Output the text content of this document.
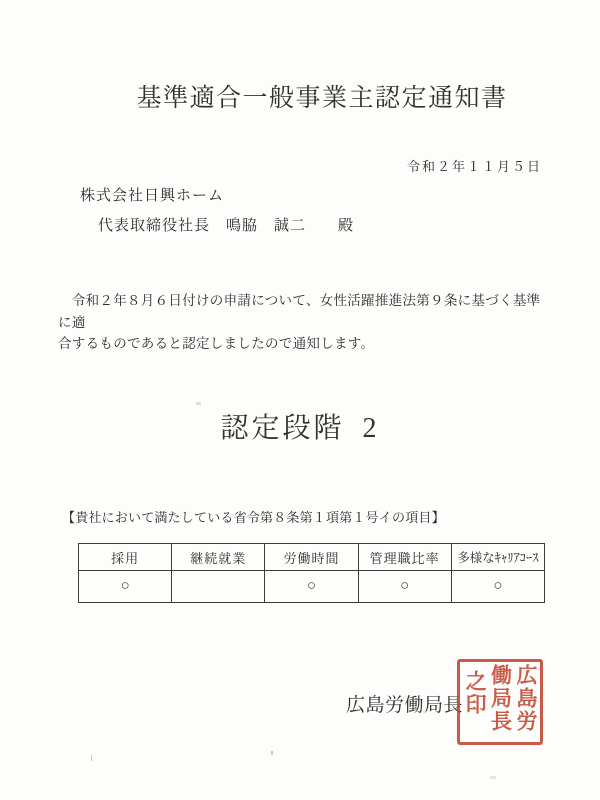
基準適合一般事業主認定通知書
令和２年１１月５日
株式会社日興ホーム
代表取締役社長　鳴脇　誠二　　殿
　令和２年８月６日付けの申請について、女性活躍推進法第９条に基づく基準に適
合するものであると認定しましたので通知します。
認定段階 2
【貴社において満たしている省令第８条第１項第１号イの項目】
採用	継続就業	労働時間	管理職比率	多様なｷｬﾘｱｺｰｽ
○		○	○	○
広島労働局長 広島労
働局長
之印
